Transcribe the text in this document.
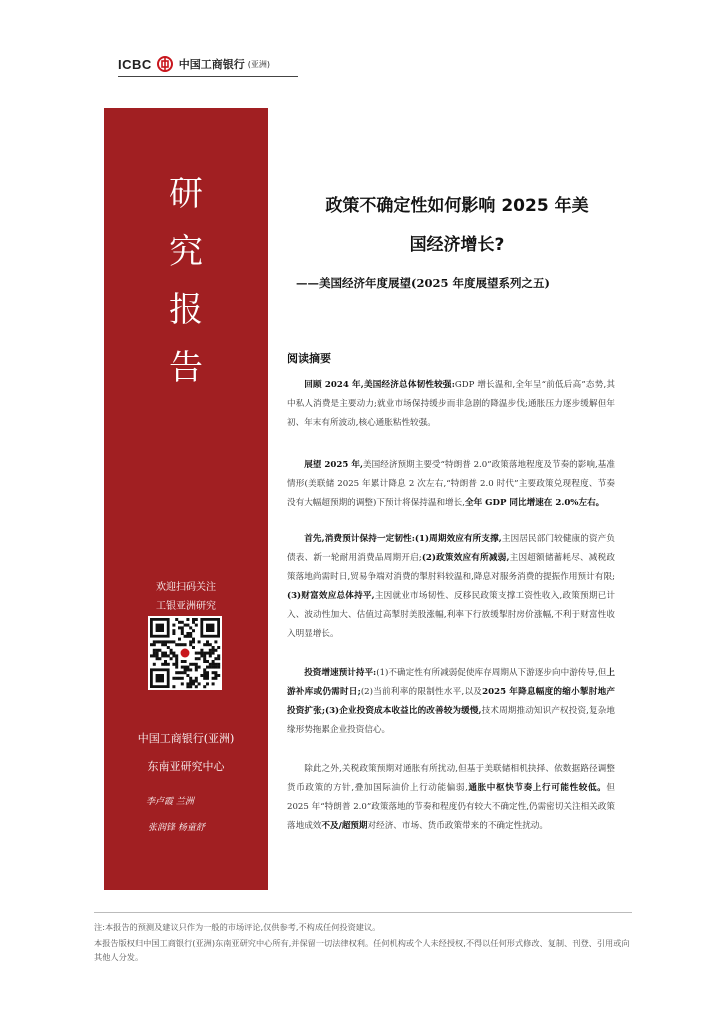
ICBC 中国工商银行 (亚洲)
研
究
报
告
欢迎扫码关注
工银亚洲研究
中国工商银行(亚洲)
东南亚研究中心
李卢霞 兰洲
张润锋 杨童舒
政策不确定性如何影响 2025 年美
国经济增长?
——美国经济年度展望(2025 年度展望系列之五)
阅读摘要
回顾 2024 年,美国经济总体韧性较强:GDP 增长温和,全年呈“前低后高”态势,其中私人消费是主要动力;就业市场保持缓步而非急剧的降温步伐;通胀压力逐步缓解但年初、年末有所波动,核心通胀粘性较强。
展望 2025 年,美国经济预期主要受“特朗普 2.0”政策落地程度及节奏的影响,基准情形(美联储 2025 年累计降息 2 次左右,“特朗普 2.0 时代”主要政策兑现程度、节奏没有大幅超预期的调整)下预计将保持温和增长,全年 GDP 同比增速在 2.0%左右。
首先,消费预计保持一定韧性:(1)周期效应有所支撑,主因居民部门较健康的资产负债表、新一轮耐用消费品周期开启;(2)政策效应有所减弱,主因超额储蓄耗尽、减税政策落地尚需时日,贸易争端对消费的掣肘料较温和,降息对服务消费的提振作用预计有限;(3)财富效应总体持平,主因就业市场韧性、反移民政策支撑工资性收入,政策预期已计入、波动性加大、估值过高掣肘美股涨幅,利率下行放缓掣肘房价涨幅,不利于财富性收入明显增长。
投资增速预计持平:(1)不确定性有所减弱促使库存周期从下游逐步向中游传导,但上游补库或仍需时日;(2)当前利率的限制性水平,以及2025 年降息幅度的缩小掣肘地产投资扩张;(3)企业投资成本收益比的改善较为缓慢,技术周期推动知识产权投资,复杂地缘形势拖累企业投资信心。
除此之外,关税政策预期对通胀有所扰动,但基于美联储相机抉择、依数据路径调整货币政策的方针,叠加国际油价上行动能偏弱,通胀中枢快节奏上行可能性较低。但 2025 年“特朗普 2.0”政策落地的节奏和程度仍有较大不确定性,仍需密切关注相关政策落地成效不及/超预期对经济、市场、货币政策带来的不确定性扰动。
注:本报告的预测及建议只作为一般的市场评论,仅供参考,不构成任何投资建议。
本报告版权归中国工商银行(亚洲)东南亚研究中心所有,并保留一切法律权利。任何机构或个人未经授权,不得以任何形式修改、复制、刊登、引用或向其他人分发。
